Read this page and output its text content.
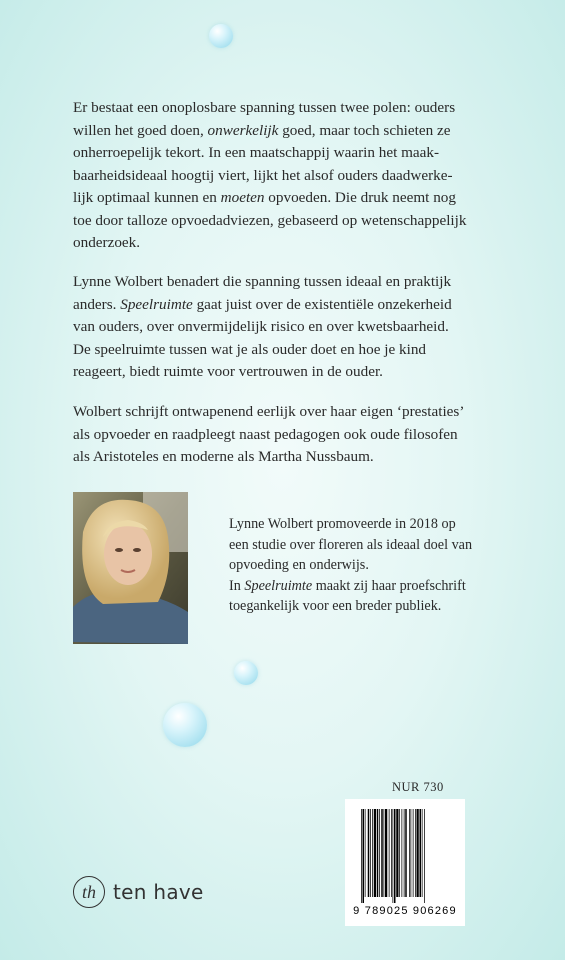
Er bestaat een onoplosbare spanning tussen twee polen: ouders
willen het goed doen, onwerkelijk goed, maar toch schieten ze
onherroepelijk tekort. In een maatschappij waarin het maak-
baarheidsideaal hoogtij viert, lijkt het alsof ouders daadwerke-
lijk optimaal kunnen en moeten opvoeden. Die druk neemt nog
toe door talloze opvoedadviezen, gebaseerd op wetenschappelijk
onderzoek.
Lynne Wolbert benadert die spanning tussen ideaal en praktijk
anders. Speelruimte gaat juist over de existentiële onzekerheid
van ouders, over onvermijdelijk risico en over kwetsbaarheid.
De speelruimte tussen wat je als ouder doet en hoe je kind
reageert, biedt ruimte voor vertrouwen in de ouder.
Wolbert schrijft ontwapenend eerlijk over haar eigen ‘prestaties’
als opvoeder en raadpleegt naast pedagogen ook oude filosofen
als Aristoteles en moderne als Martha Nussbaum.

Lynne Wolbert promoveerde in 2018 op

een studie over floreren als ideaal doel van

opvoeding en onderwijs.

In Speelruimte maakt zij haar proefschrift

toegankelijk voor een breder publiek.

NUR 730
9 789025 906269
th ten have
